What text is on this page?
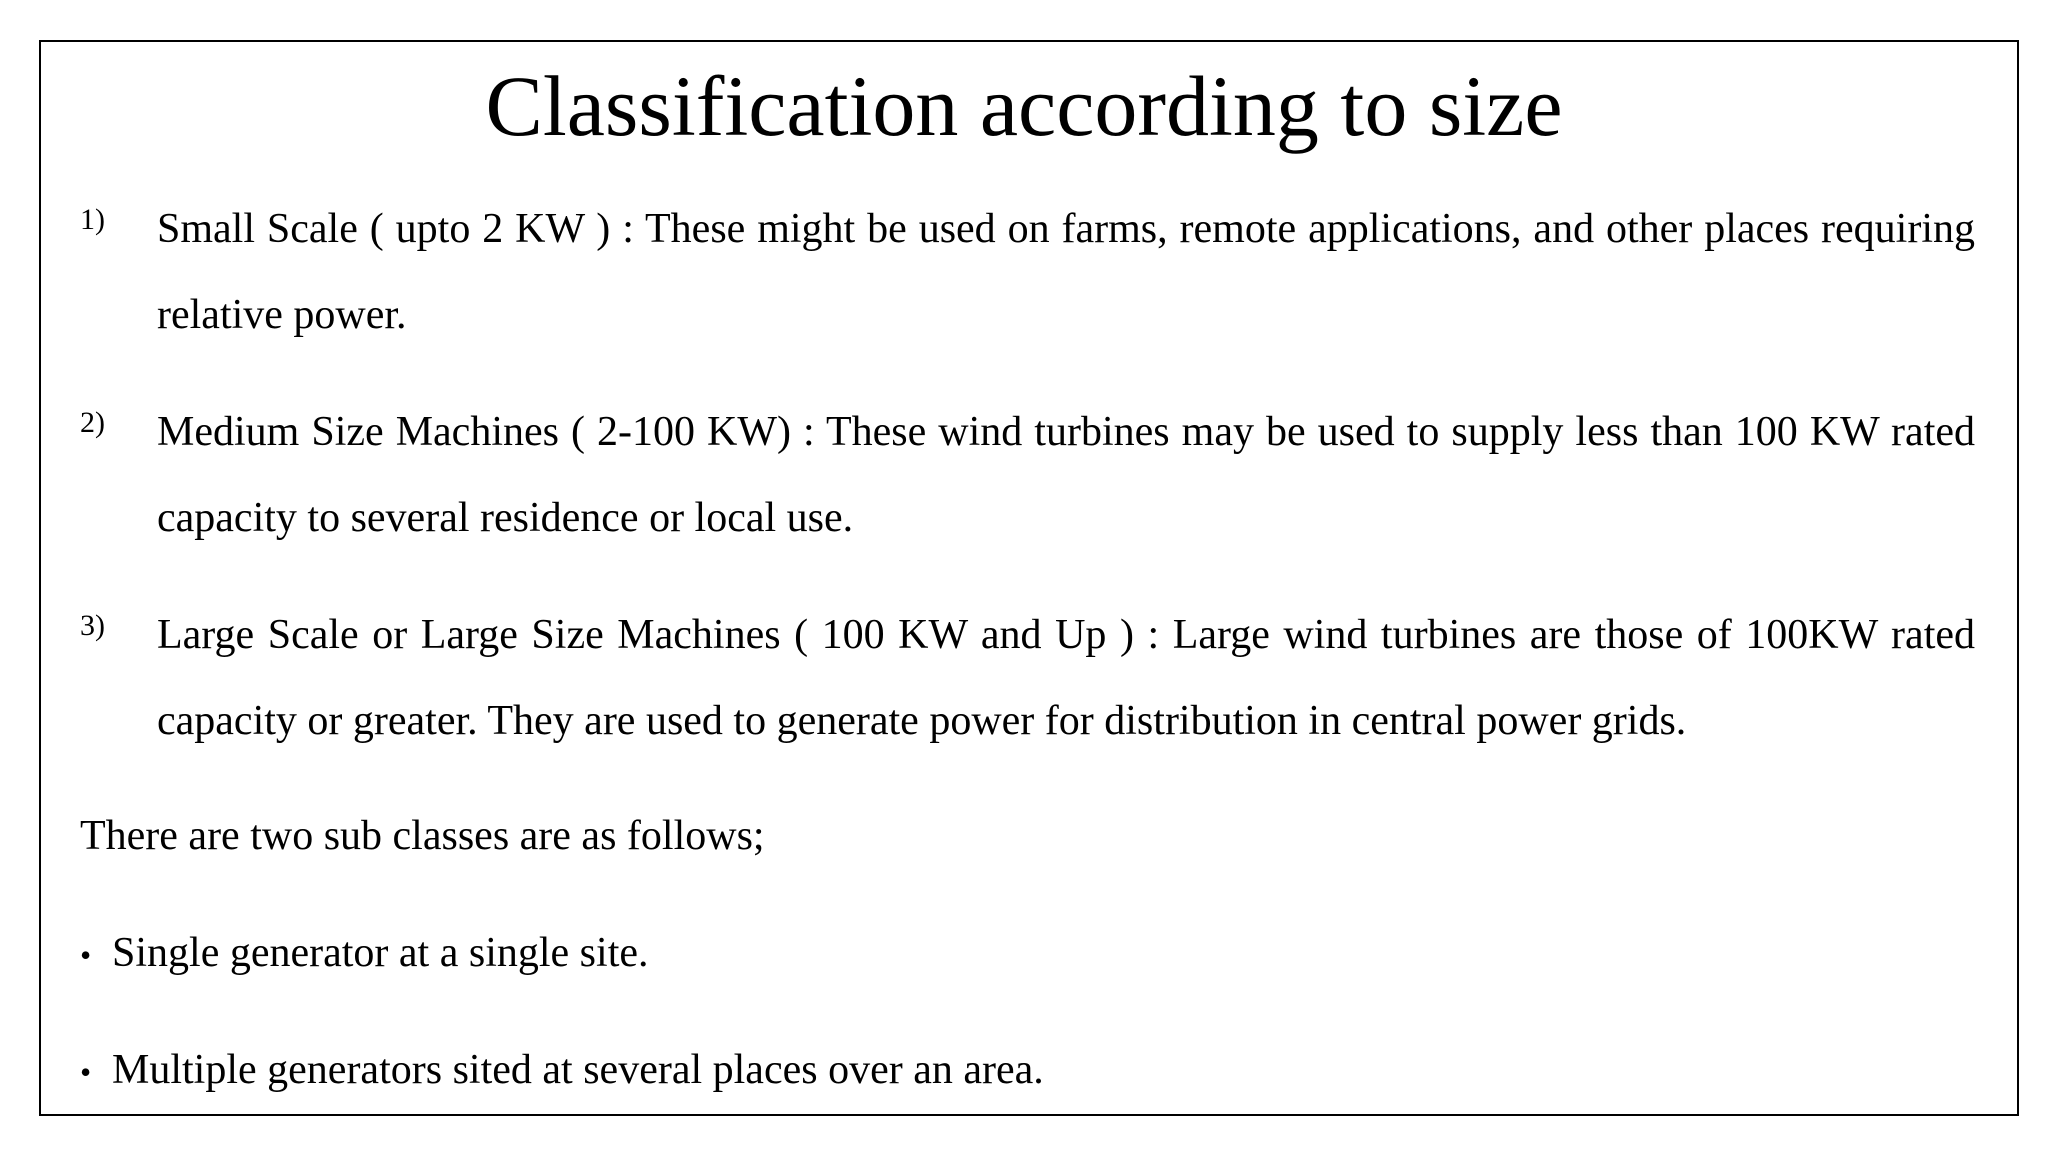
Classification according to size
1) Small Scale ( upto 2 KW ) : These might be used on farms, remote applications, and other places requiring relative power.
2) Medium Size Machines ( 2-100 KW) : These wind turbines may be used to supply less than 100 KW rated capacity to several residence or local use.
3) Large Scale or Large Size Machines ( 100 KW and Up ) : Large wind turbines are those of 100KW rated capacity or greater. They are used to generate power for distribution in central power grids.
There are two sub classes are as follows;
• Single generator at a single site.
• Multiple generators sited at several places over an area.
